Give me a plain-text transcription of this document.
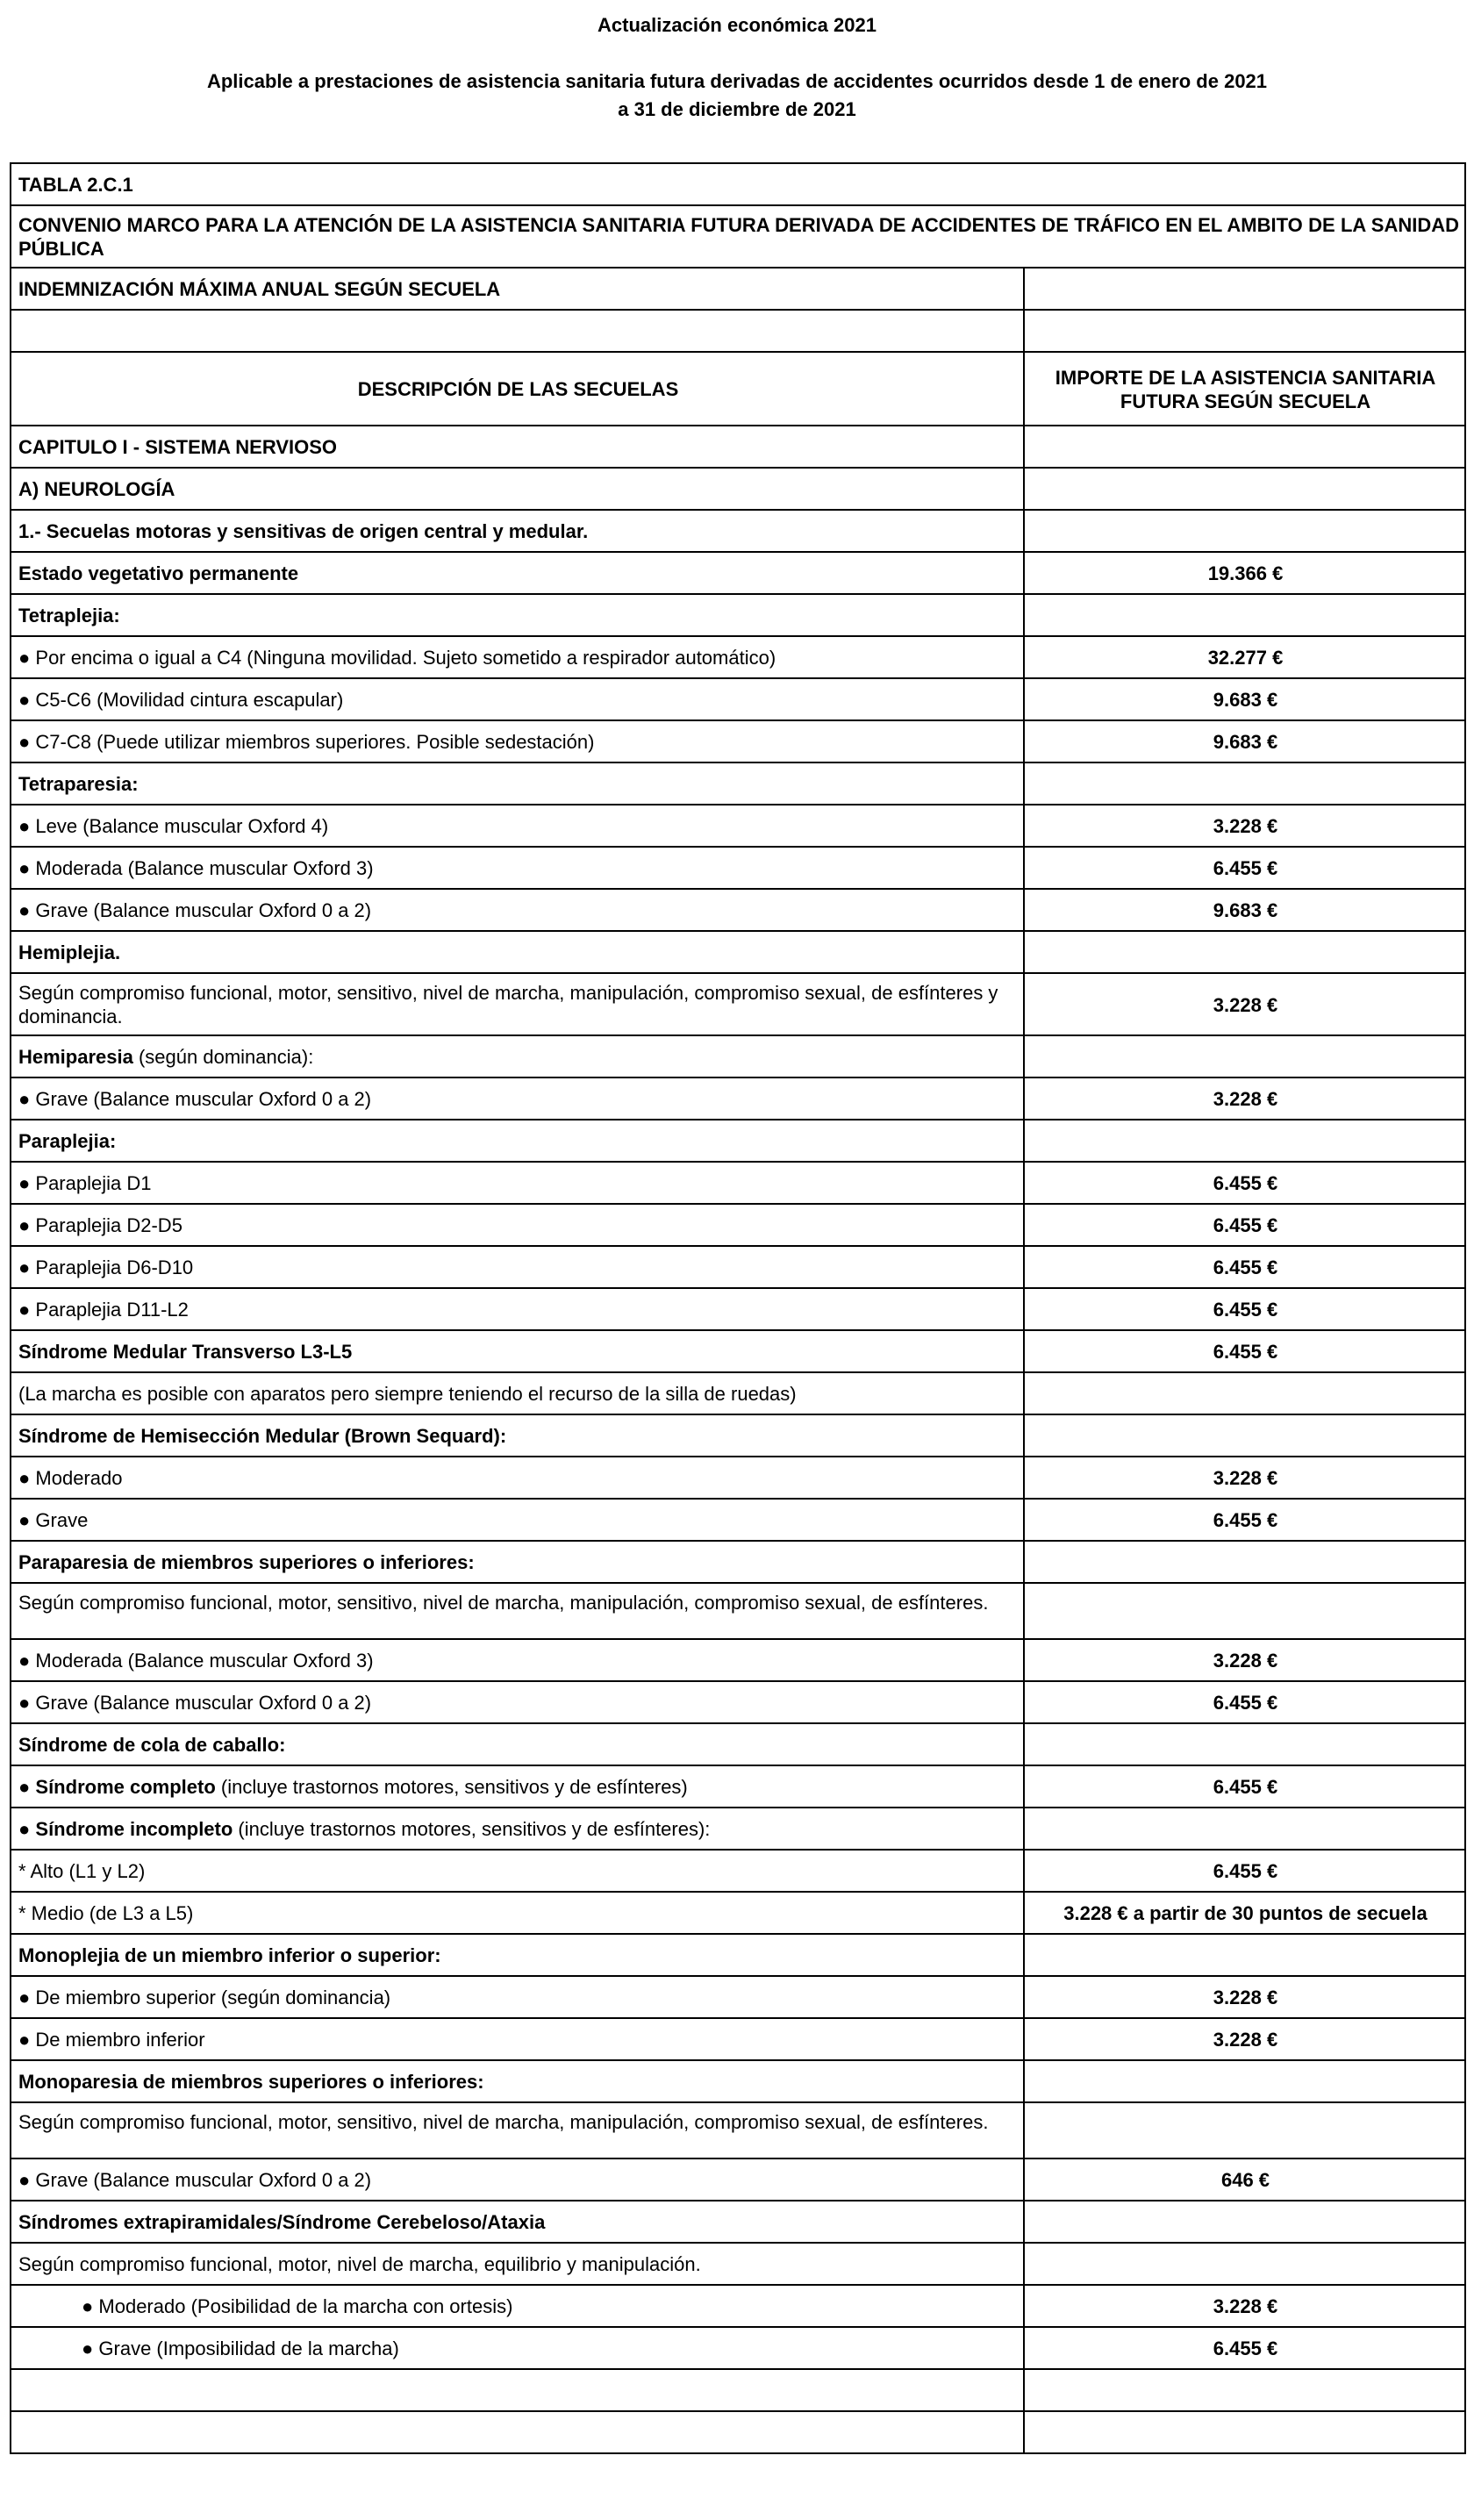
Actualización económica 2021
Aplicable a prestaciones de asistencia sanitaria futura derivadas de accidentes ocurridos desde 1 de enero de 2021
a 31 de diciembre de 2021
TABLA 2.C.1	
CONVENIO MARCO PARA LA ATENCIÓN DE LA ASISTENCIA SANITARIA FUTURA DERIVADA DE ACCIDENTES DE TRÁFICO EN EL AMBITO DE LA SANIDAD PÚBLICA	
INDEMNIZACIÓN MÁXIMA ANUAL SEGÚN SECUELA	

DESCRIPCIÓN DE LAS SECUELAS	IMPORTE DE LA ASISTENCIA SANITARIA FUTURA SEGÚN SECUELA
CAPITULO I - SISTEMA NERVIOSO	
A) NEUROLOGÍA	
1.- Secuelas motoras y sensitivas de origen central y medular.	
Estado vegetativo permanente	19.366 €
Tetraplejia:	
● Por encima o igual a C4 (Ninguna movilidad. Sujeto sometido a respirador automático)	32.277 €
● C5-C6 (Movilidad cintura escapular)	9.683 €
● C7-C8 (Puede utilizar miembros superiores. Posible sedestación)	9.683 €
Tetraparesia:	
● Leve (Balance muscular Oxford 4)	3.228 €
● Moderada (Balance muscular Oxford 3)	6.455 €
● Grave (Balance muscular Oxford 0 a 2)	9.683 €
Hemiplejia.	
Según compromiso funcional, motor, sensitivo, nivel de marcha, manipulación, compromiso sexual, de esfínteres y dominancia.	3.228 €
Hemiparesia (según dominancia):	
● Grave (Balance muscular Oxford 0 a 2)	3.228 €
Paraplejia:	
● Paraplejia D1	6.455 €
● Paraplejia D2-D5	6.455 €
● Paraplejia D6-D10	6.455 €
● Paraplejia D11-L2	6.455 €
Síndrome Medular Transverso L3-L5	6.455 €
(La marcha es posible con aparatos pero siempre teniendo el recurso de la silla de ruedas)	
Síndrome de Hemisección Medular (Brown Sequard):	
● Moderado	3.228 €
● Grave	6.455 €
Paraparesia de miembros superiores o inferiores:	
Según compromiso funcional, motor, sensitivo, nivel de marcha, manipulación, compromiso sexual, de esfínteres.	
● Moderada (Balance muscular Oxford 3)	3.228 €
● Grave (Balance muscular Oxford 0 a 2)	6.455 €
Síndrome de cola de caballo:	
● Síndrome completo (incluye trastornos motores, sensitivos y de esfínteres)	6.455 €
● Síndrome incompleto (incluye trastornos motores, sensitivos y de esfínteres):	
* Alto (L1 y L2)	6.455 €
* Medio (de L3 a L5)	3.228 € a partir de 30 puntos de secuela
Monoplejia de un miembro inferior o superior:	
● De miembro superior (según dominancia)	3.228 €
● De miembro inferior	3.228 €
Monoparesia de miembros superiores o inferiores:	
Según compromiso funcional, motor, sensitivo, nivel de marcha, manipulación, compromiso sexual, de esfínteres.	
● Grave (Balance muscular Oxford 0 a 2)	646 €
Síndromes extrapiramidales/Síndrome Cerebeloso/Ataxia	
Según compromiso funcional, motor, nivel de marcha, equilibrio y manipulación.	
● Moderado (Posibilidad de la marcha con ortesis)	3.228 €
● Grave (Imposibilidad de la marcha)	6.455 €
